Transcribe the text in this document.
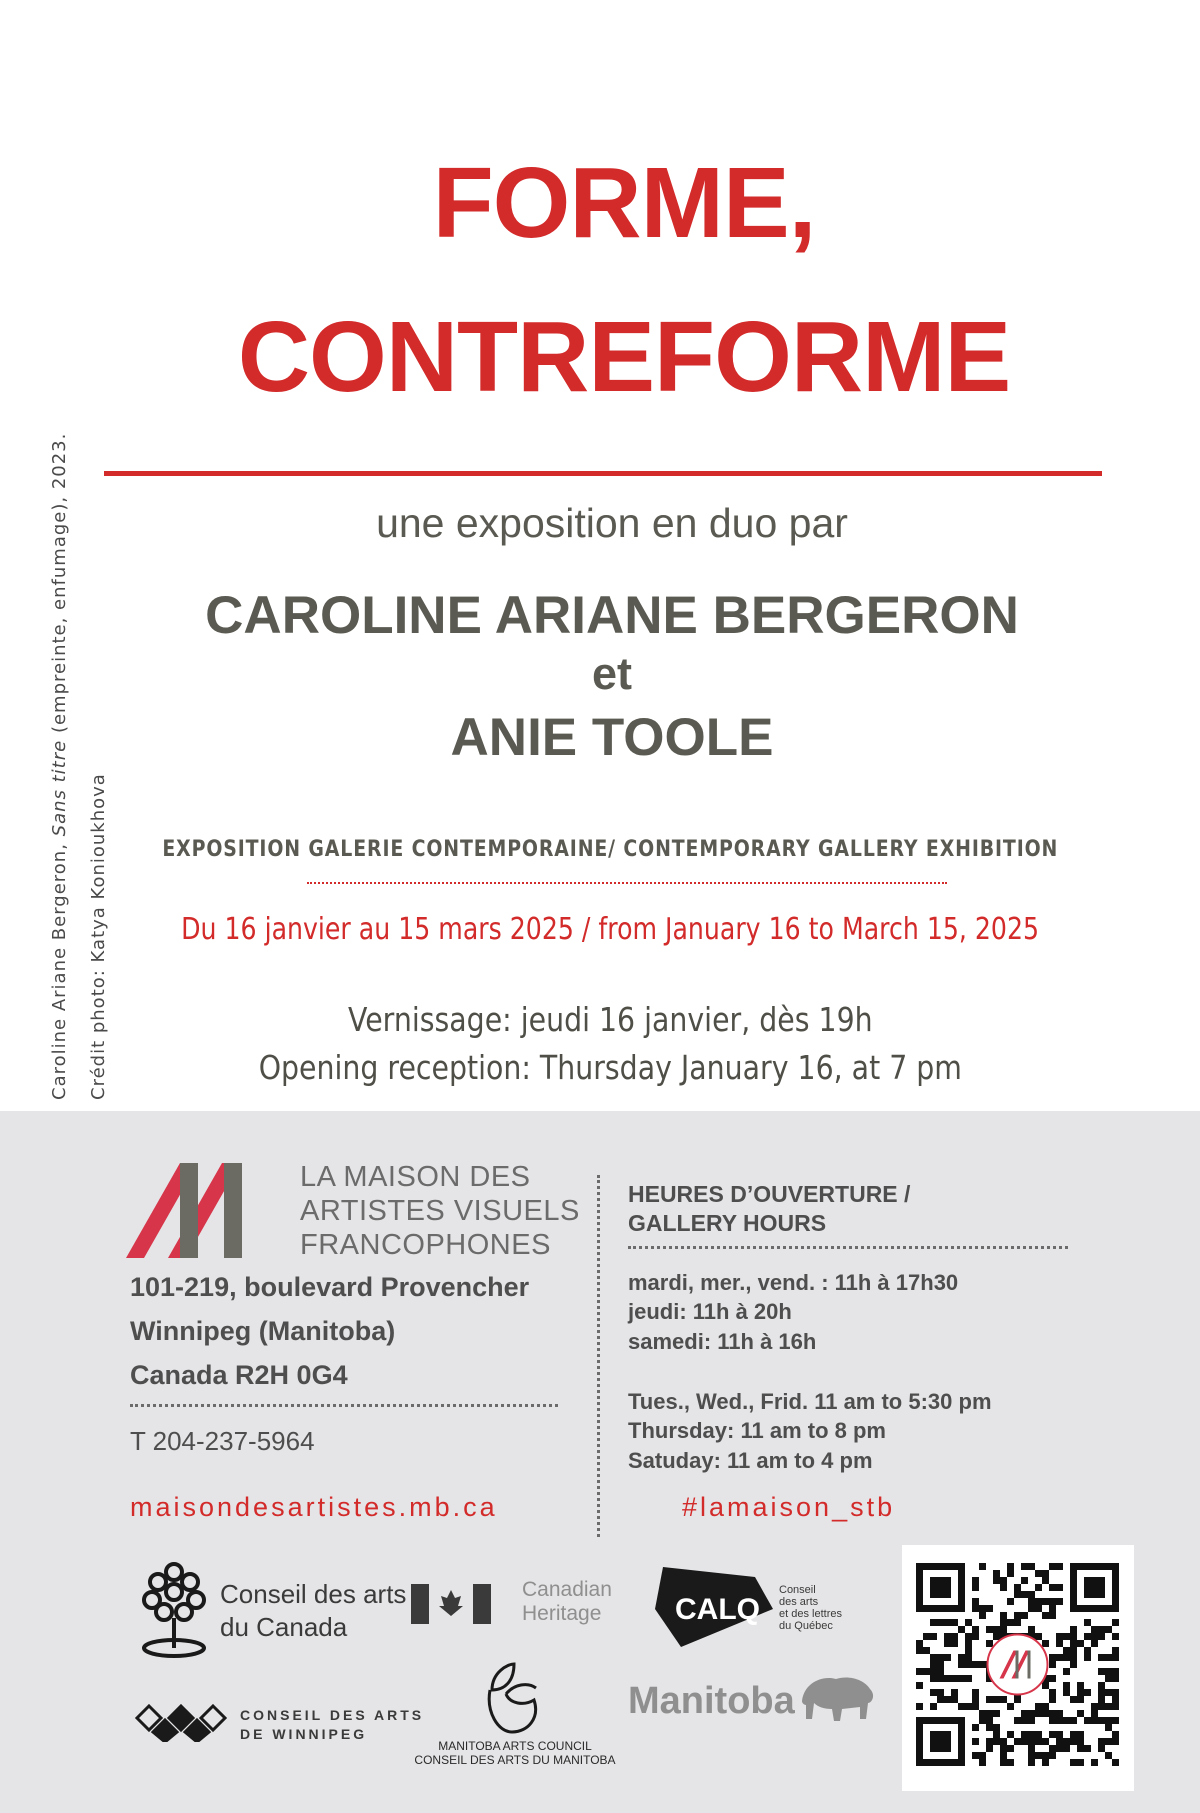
FORME,
CONTREFORME
une exposition en duo par
CAROLINE ARIANE BERGERON
et
ANIE TOOLE
EXPOSITION GALERIE CONTEMPORAINE/ CONTEMPORARY GALLERY EXHIBITION
Du 16 janvier au 15 mars 2025 / from January 16 to March 15, 2025
Vernissage: jeudi 16 janvier, dès 19h
Opening reception: Thursday January 16, at 7 pm
Caroline Ariane Bergeron, Sans titre (empreinte, enfumage), 2023.
Crédit photo: Katya Konioukhova
LA MAISON DES
ARTISTES VISUELS
FRANCOPHONES
101-219, boulevard Provencher
Winnipeg (Manitoba)
Canada R2H 0G4
T 204-237-5964
maisondesartistes.mb.ca
HEURES D’OUVERTURE /
GALLERY HOURS
mardi, mer., vend. : 11h à 17h30
jeudi: 11h à 20h
samedi: 11h à 16h
Tues., Wed., Frid. 11 am to 5:30 pm
Thursday: 11 am to 8 pm
Satuday: 11 am to 4 pm
#lamaison_stb
Conseil des arts
du Canada
Canadian
Heritage	CALQ
Conseil
des arts
et des lettres
du Québec
CONSEIL DES ARTS
DE WINNIPEG
MANITOBA ARTS COUNCIL
CONSEIL DES ARTS DU MANITOBA
Manitoba
